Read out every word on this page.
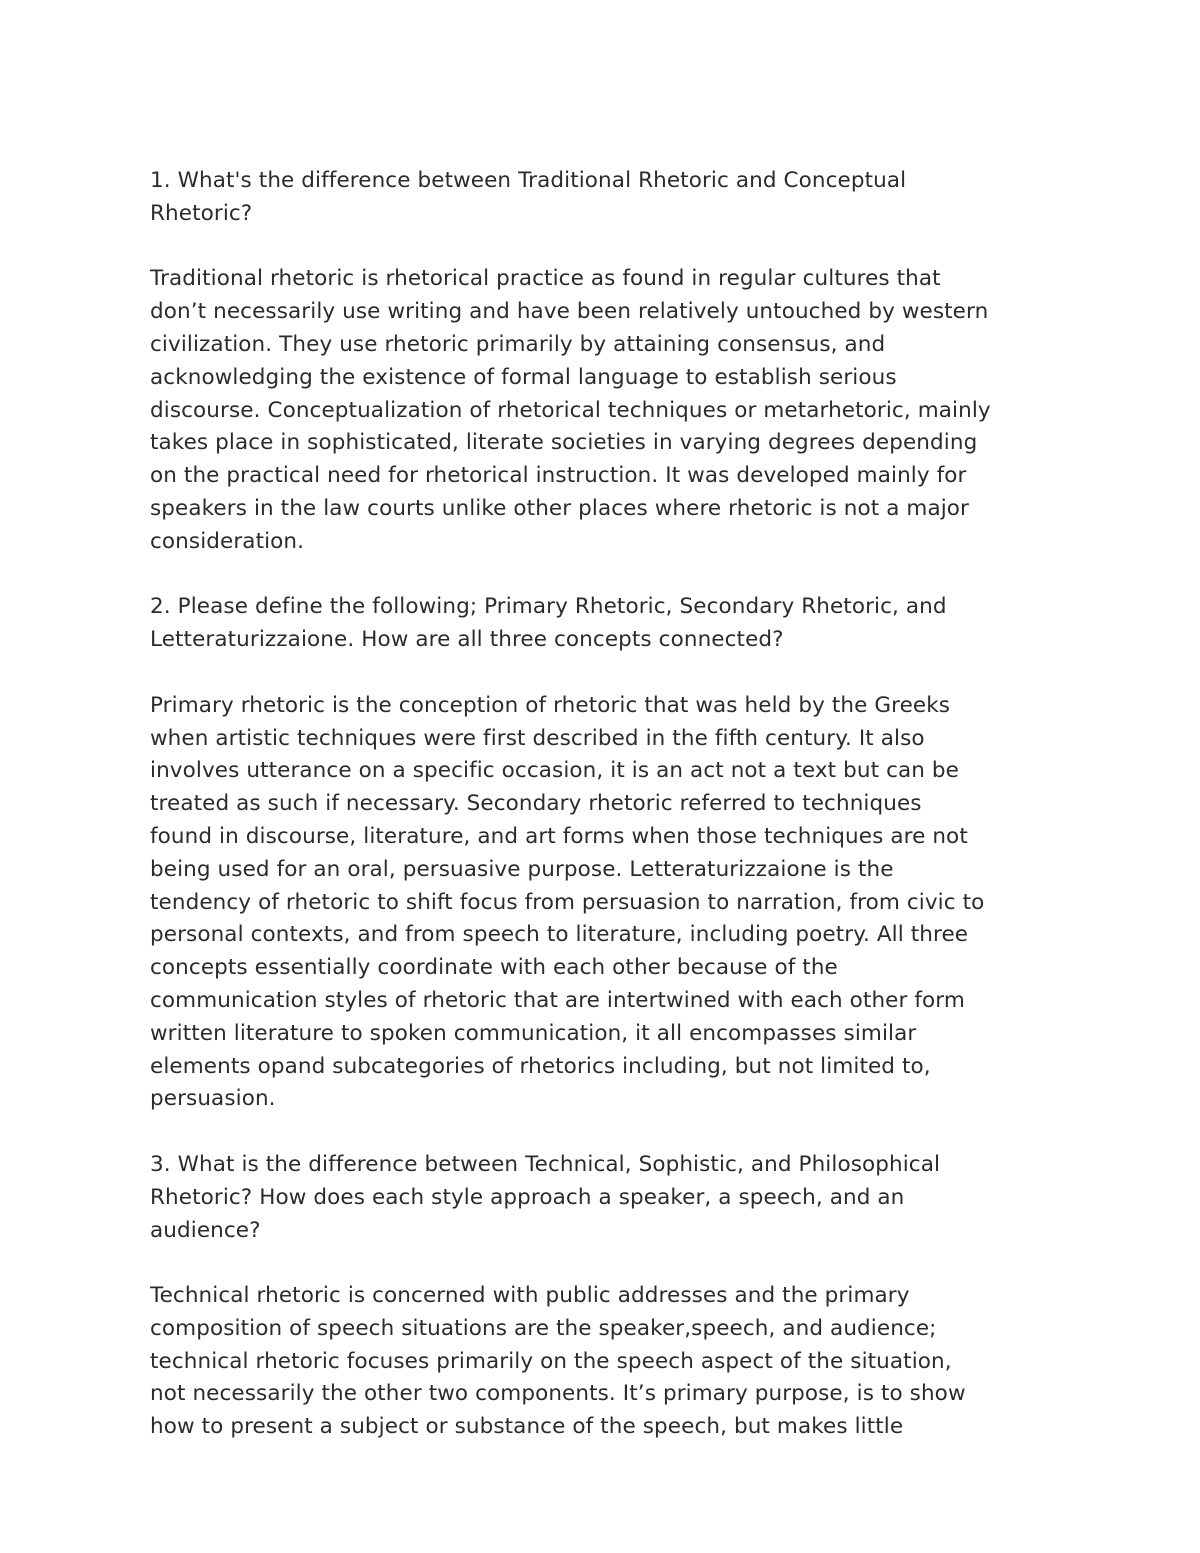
1. What's the difference between Traditional Rhetoric and Conceptual
Rhetoric?

Traditional rhetoric is rhetorical practice as found in regular cultures that
don’t necessarily use writing and have been relatively untouched by western
civilization. They use rhetoric primarily by attaining consensus, and
acknowledging the existence of formal language to establish serious
discourse. Conceptualization of rhetorical techniques or metarhetoric, mainly
takes place in sophisticated, literate societies in varying degrees depending
on the practical need for rhetorical instruction. It was developed mainly for
speakers in the law courts unlike other places where rhetoric is not a major
consideration.

2. Please define the following; Primary Rhetoric, Secondary Rhetoric, and
Letteraturizzaione. How are all three concepts connected?

Primary rhetoric is the conception of rhetoric that was held by the Greeks
when artistic techniques were first described in the fifth century. It also
involves utterance on a specific occasion, it is an act not a text but can be
treated as such if necessary. Secondary rhetoric referred to techniques
found in discourse, literature, and art forms when those techniques are not
being used for an oral, persuasive purpose. Letteraturizzaione is the
tendency of rhetoric to shift focus from persuasion to narration, from civic to
personal contexts, and from speech to literature, including poetry. All three
concepts essentially coordinate with each other because of the
communication styles of rhetoric that are intertwined with each other form
written literature to spoken communication, it all encompasses similar
elements opand subcategories of rhetorics including, but not limited to,
persuasion.

3. What is the difference between Technical, Sophistic, and Philosophical
Rhetoric? How does each style approach a speaker, a speech, and an
audience?

Technical rhetoric is concerned with public addresses and the primary
composition of speech situations are the speaker,speech, and audience;
technical rhetoric focuses primarily on the speech aspect of the situation,
not necessarily the other two components. It’s primary purpose, is to show
how to present a subject or substance of the speech, but makes little
